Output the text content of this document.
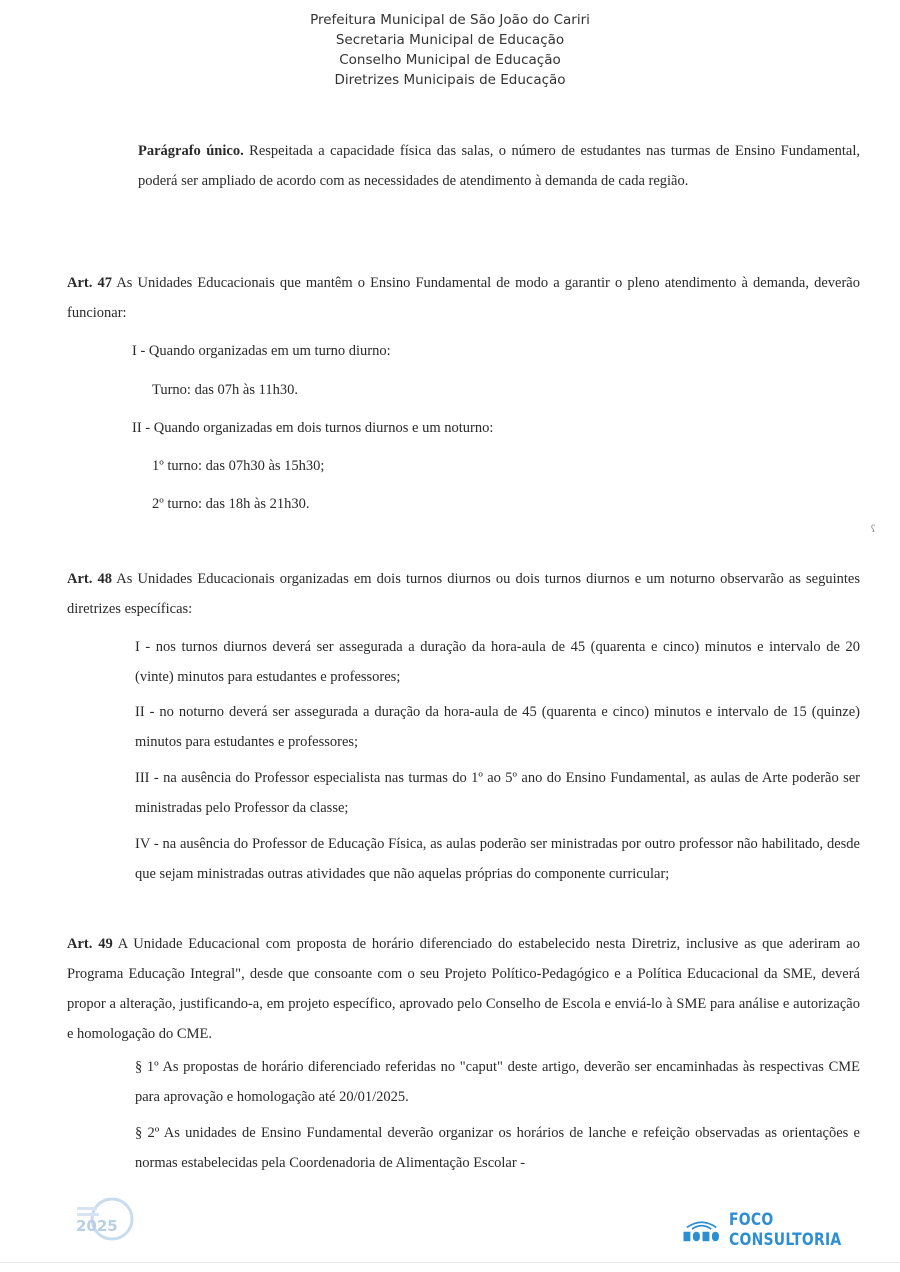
Prefeitura Municipal de São João do Cariri
Secretaria Municipal de Educação
Conselho Municipal de Educação
Diretrizes Municipais de Educação

Parágrafo único. Respeitada a capacidade física das salas, o número de estudantes nas turmas de Ensino Fundamental, poderá ser ampliado de acordo com as necessidades de atendimento à demanda de cada região.

Art. 47 As Unidades Educacionais que mantêm o Ensino Fundamental de modo a garantir o pleno atendimento à demanda, deverão funcionar:

I - Quando organizadas em um turno diurno:
Turno: das 07h às 11h30.
II - Quando organizadas em dois turnos diurnos e um noturno:
1º turno: das 07h30 às 15h30;
2º turno: das 18h às 21h30.

Art. 48 As Unidades Educacionais organizadas em dois turnos diurnos ou dois turnos diurnos e um noturno observarão as seguintes diretrizes específicas:

I - nos turnos diurnos deverá ser assegurada a duração da hora-aula de 45 (quarenta e cinco) minutos e intervalo de 20 (vinte) minutos para estudantes e professores;

II - no noturno deverá ser assegurada a duração da hora-aula de 45 (quarenta e cinco) minutos e intervalo de 15 (quinze) minutos para estudantes e professores;

III - na ausência do Professor especialista nas turmas do 1º ao 5º ano do Ensino Fundamental, as aulas de Arte poderão ser ministradas pelo Professor da classe;

IV - na ausência do Professor de Educação Física, as aulas poderão ser ministradas por outro professor não habilitado, desde que sejam ministradas outras atividades que não aquelas próprias do componente curricular;

Art. 49 A Unidade Educacional com proposta de horário diferenciado do estabelecido nesta Diretriz, inclusive as que aderiram ao Programa Educação Integral", desde que consoante com o seu Projeto Político-Pedagógico e a Política Educacional da SME, deverá propor a alteração, justificando-a, em projeto específico, aprovado pelo Conselho de Escola e enviá-lo à SME para análise e autorização e homologação do CME.

§ 1º As propostas de horário diferenciado referidas no "caput" deste artigo, deverão ser encaminhadas às respectivas CME para aprovação e homologação até 20/01/2025.

§ 2º As unidades de Ensino Fundamental deverão organizar os horários de lanche e refeição observadas as orientações e normas estabelecidas pela Coordenadoria de Alimentação Escolar -

2025	FOCO CONSULTORIA
ʕ
